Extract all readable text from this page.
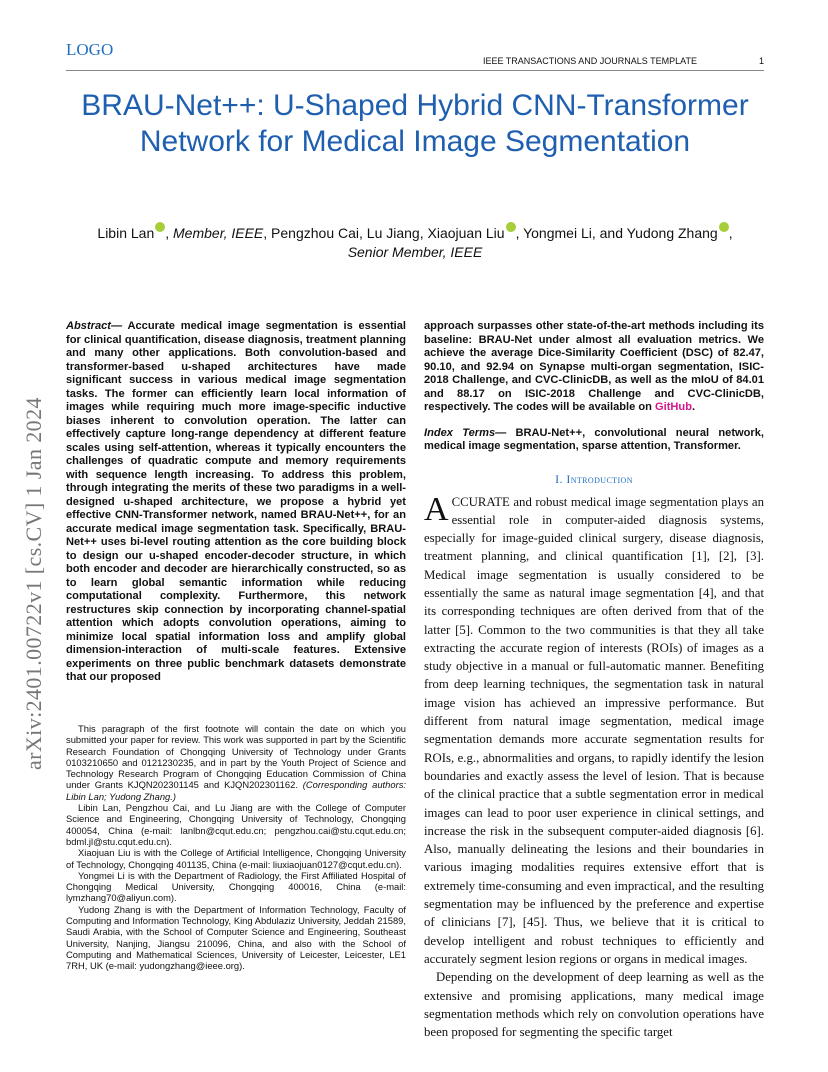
LOGO
IEEE TRANSACTIONS AND JOURNALS TEMPLATE	1
BRAU-Net++: U-Shaped Hybrid CNN-Transformer Network for Medical Image Segmentation
Libin Lan , Member, IEEE, Pengzhou Cai, Lu Jiang, Xiaojuan Liu , Yongmei Li, and Yudong Zhang ,
Senior Member, IEEE
arXiv:2401.00722v1 [cs.CV] 1 Jan 2024

Abstract— Accurate medical image segmentation is essential for clinical quantification, disease diagnosis, treatment planning and many other applications. Both convolution-based and transformer-based u-shaped architectures have made significant success in various medical image segmentation tasks. The former can efficiently learn local information of images while requiring much more image-specific inductive biases inherent to convolution operation. The latter can effectively capture long-range dependency at different feature scales using self-attention, whereas it typically encounters the challenges of quadratic compute and memory requirements with sequence length increasing. To address this problem, through integrating the merits of these two paradigms in a well-designed u-shaped architecture, we propose a hybrid yet effective CNN-Transformer network, named BRAU-Net++, for an accurate medical image segmentation task. Specifically, BRAU-Net++ uses bi-level routing attention as the core building block to design our u-shaped encoder-decoder structure, in which both encoder and decoder are hierarchically constructed, so as to learn global semantic information while reducing computational complexity. Furthermore, this network restructures skip connection by incorporating channel-spatial attention which adopts convolution operations, aiming to minimize local spatial information loss and amplify global dimension-interaction of multi-scale features. Extensive experiments on three public benchmark datasets demonstrate that our proposed

This paragraph of the first footnote will contain the date on which you submitted your paper for review. This work was supported in part by the Scientific Research Foundation of Chongqing University of Technology under Grants 0103210650 and 0121230235, and in part by the Youth Project of Science and Technology Research Program of Chongqing Education Commission of China under Grants KJQN202301145 and KJQN202301162. (Corresponding authors: Libin Lan; Yudong Zhang.)

Libin Lan, Pengzhou Cai, and Lu Jiang are with the College of Computer Science and Engineering, Chongqing University of Technology, Chongqing 400054, China (e-mail: lanlbn@cqut.edu.cn; pengzhou.cai@stu.cqut.edu.cn; bdml.jl@stu.cqut.edu.cn).

Xiaojuan Liu is with the College of Artificial Intelligence, Chongqing University of Technology, Chongqing 401135, China (e-mail: liuxiaojuan0127@cqut.edu.cn).

Yongmei Li is with the Department of Radiology, the First Affiliated Hospital of Chongqing Medical University, Chongqing 400016, China (e-mail: lymzhang70@aliyun.com).

Yudong Zhang is with the Department of Information Technology, Faculty of Computing and Information Technology, King Abdulaziz University, Jeddah 21589, Saudi Arabia, with the School of Computer Science and Engineering, Southeast University, Nanjing, Jiangsu 210096, China, and also with the School of Computing and Mathematical Sciences, University of Leicester, Leicester, LE1 7RH, UK (e-mail: yudongzhang@ieee.org).

approach surpasses other state-of-the-art methods including its baseline: BRAU-Net under almost all evaluation metrics. We achieve the average Dice-Similarity Coefficient (DSC) of 82.47, 90.10, and 92.94 on Synapse multi-organ segmentation, ISIC-2018 Challenge, and CVC-ClinicDB, as well as the mIoU of 84.01 and 88.17 on ISIC-2018 Challenge and CVC-ClinicDB, respectively. The codes will be available on GitHub.

Index Terms— BRAU-Net++, convolutional neural network, medical image segmentation, sparse attention, Transformer.

I. Introduction

ACCURATE and robust medical image segmentation plays an essential role in computer-aided diagnosis systems, especially for image-guided clinical surgery, disease diagnosis, treatment planning, and clinical quantification [1], [2], [3]. Medical image segmentation is usually considered to be essentially the same as natural image segmentation [4], and that its corresponding techniques are often derived from that of the latter [5]. Common to the two communities is that they all take extracting the accurate region of interests (ROIs) of images as a study objective in a manual or full-automatic manner. Benefiting from deep learning techniques, the segmentation task in natural image vision has achieved an impressive performance. But different from natural image segmentation, medical image segmentation demands more accurate segmentation results for ROIs, e.g., abnormalities and organs, to rapidly identify the lesion boundaries and exactly assess the level of lesion. That is because of the clinical practice that a subtle segmentation error in medical images can lead to poor user experience in clinical settings, and increase the risk in the subsequent computer-aided diagnosis [6]. Also, manually delineating the lesions and their boundaries in various imaging modalities requires extensive effort that is extremely time-consuming and even impractical, and the resulting segmentation may be influenced by the preference and expertise of clinicians [7], [45]. Thus, we believe that it is critical to develop intelligent and robust techniques to efficiently and accurately segment lesion regions or organs in medical images.

Depending on the development of deep learning as well as the extensive and promising applications, many medical image segmentation methods which rely on convolution operations have been proposed for segmenting the specific target
